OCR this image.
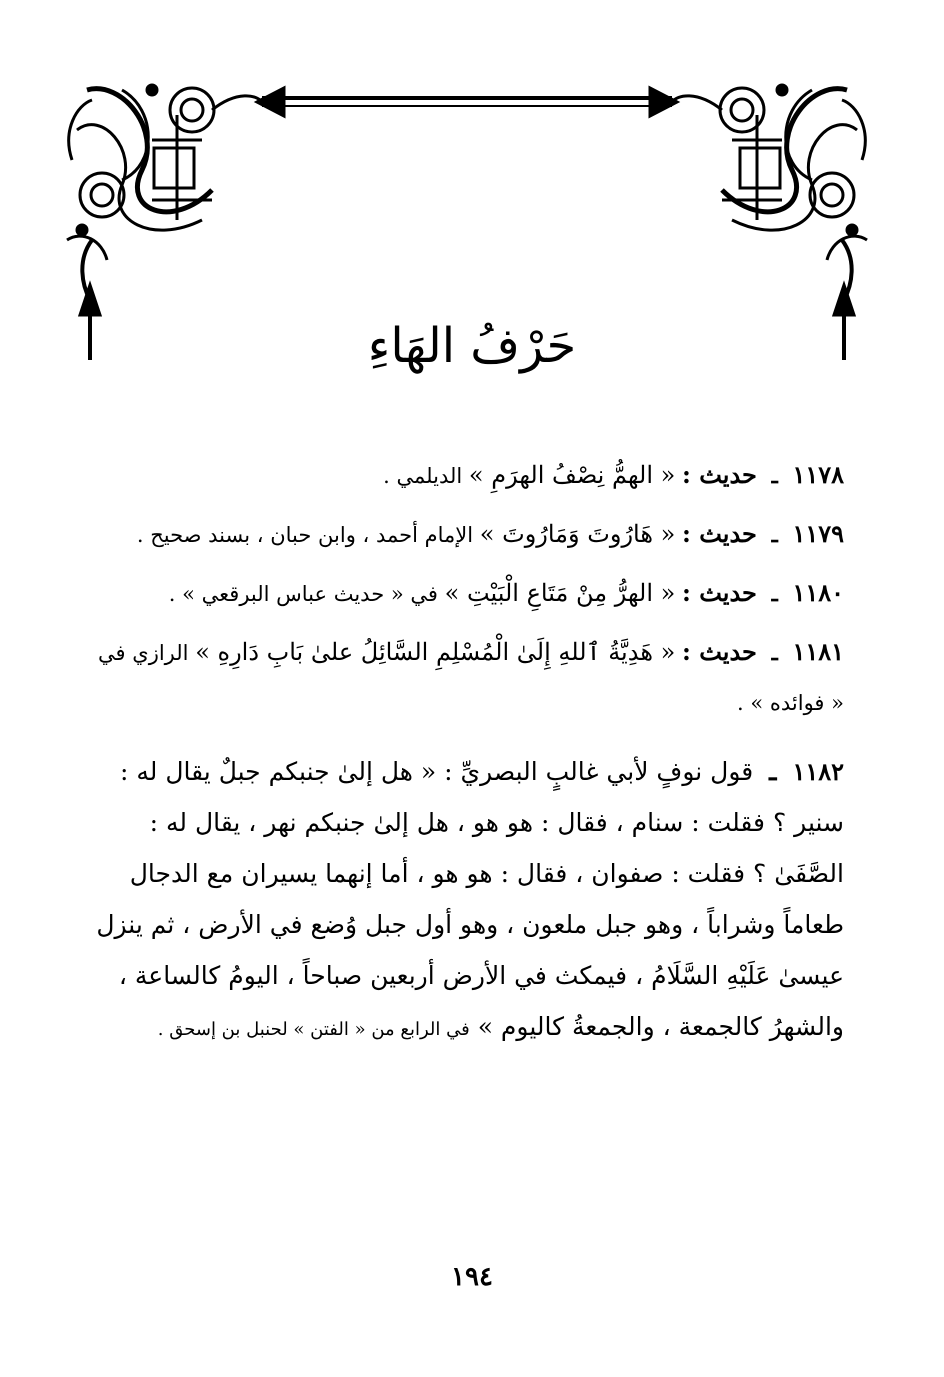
حَرْفُ الهَاءِ

١١٧٨ ـ حديث : « الهمُّ نِصْفُ الهرَمِ » الديلمي .

١١٧٩ ـ حديث : « هَارُوتَ وَمَارُوتَ » الإمام أحمد ، وابن حبان ، بسند صحيح .

١١٨٠ ـ حديث : « الهرُّ مِنْ مَتَاعِ الْبَيْتِ » في « حديث عباس البرقعي » .

١١٨١ ـ حديث : « هَدِيَّةُ ٱللهِ إِلَىٰ الْمُسْلِمِ السَّائِلُ علىٰ بَابِ دَارِهِ » الرازي في « فوائده » .

١١٨٢ ـ قول نوفٍ لأبي غالبٍ البصريِّ : « هل إلىٰ جنبكم جبلٌ يقال له : سنير ؟ فقلت : سنام ، فقال : هو هو ، هل إلىٰ جنبكم نهر ، يقال له : الصَّفَىٰ ؟ فقلت : صفوان ، فقال : هو هو ، أما إنهما يسيران مع الدجال طعاماً وشراباً ، وهو جبل ملعون ، وهو أول جبل وُضع في الأرض ، ثم ينزل عيسىٰ عَلَيْهِ السَّلَامُ ، فيمكث في الأرض أربعين صباحاً ، اليومُ كالساعة ، والشهرُ كالجمعة ، والجمعةُ كاليوم » في الرابع من « الفتن » لحنبل بن إسحق .

١٩٤
